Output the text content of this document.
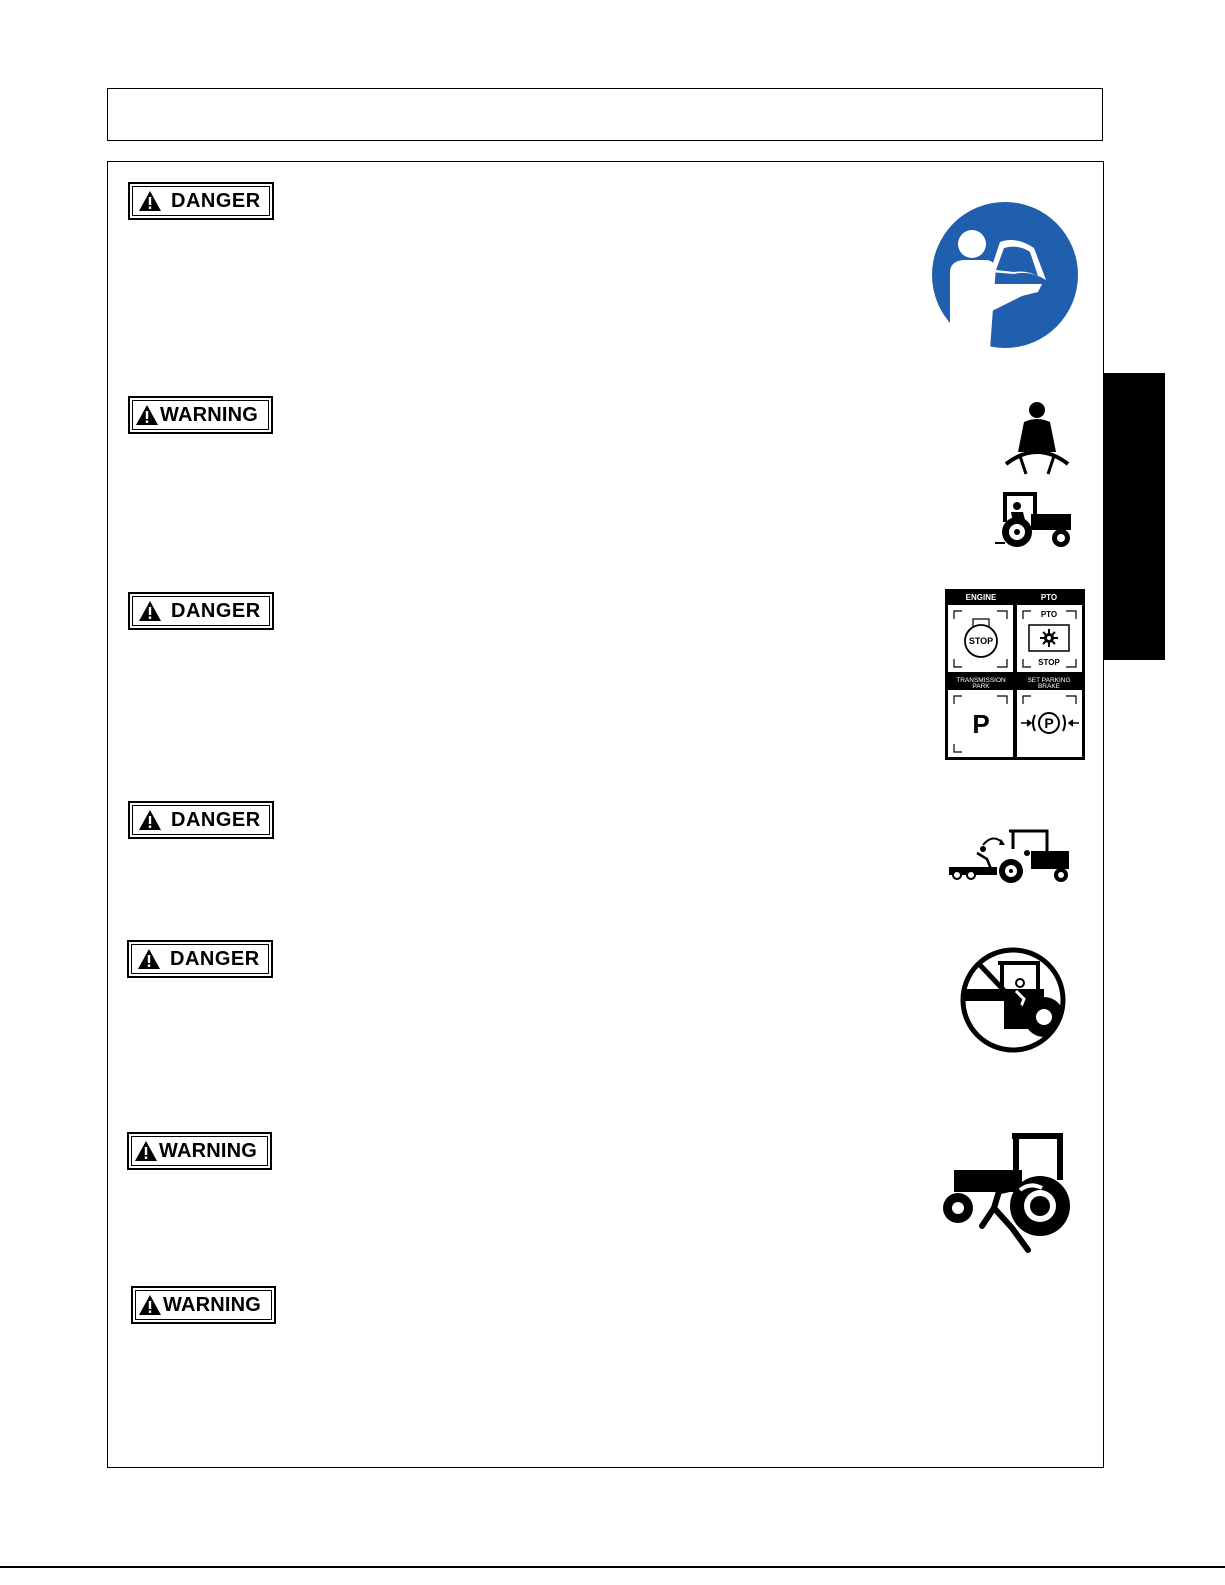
DANGER
WARNING
DANGER
DANGER
DANGER
WARNING
WARNING
ENGINE	PTO
TRANSMISSION
PARK
SET PARKING
BRAKE
STOP
PTO
STOP
P	P
